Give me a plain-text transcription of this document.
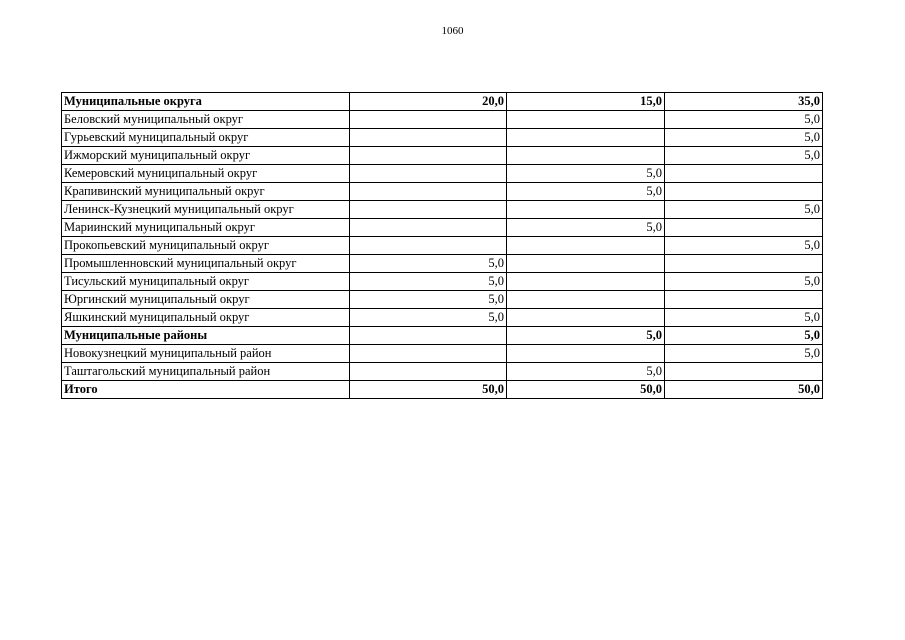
1060
Муниципальные округа	20,0	15,0	35,0
Беловский муниципальный округ			5,0
Гурьевский муниципальный округ			5,0
Ижморский муниципальный округ			5,0
Кемеровский муниципальный округ		5,0	
Крапивинский муниципальный округ		5,0	
Ленинск-Кузнецкий муниципальный округ			5,0
Мариинский муниципальный округ		5,0	
Прокопьевский муниципальный округ			5,0
Промышленновский муниципальный округ	5,0		
Тисульский муниципальный округ	5,0		5,0
Юргинский муниципальный округ	5,0		
Яшкинский муниципальный округ	5,0		5,0
Муниципальные районы		5,0	5,0
Новокузнецкий муниципальный район			5,0
Таштагольский муниципальный район		5,0	
Итого	50,0	50,0	50,0
